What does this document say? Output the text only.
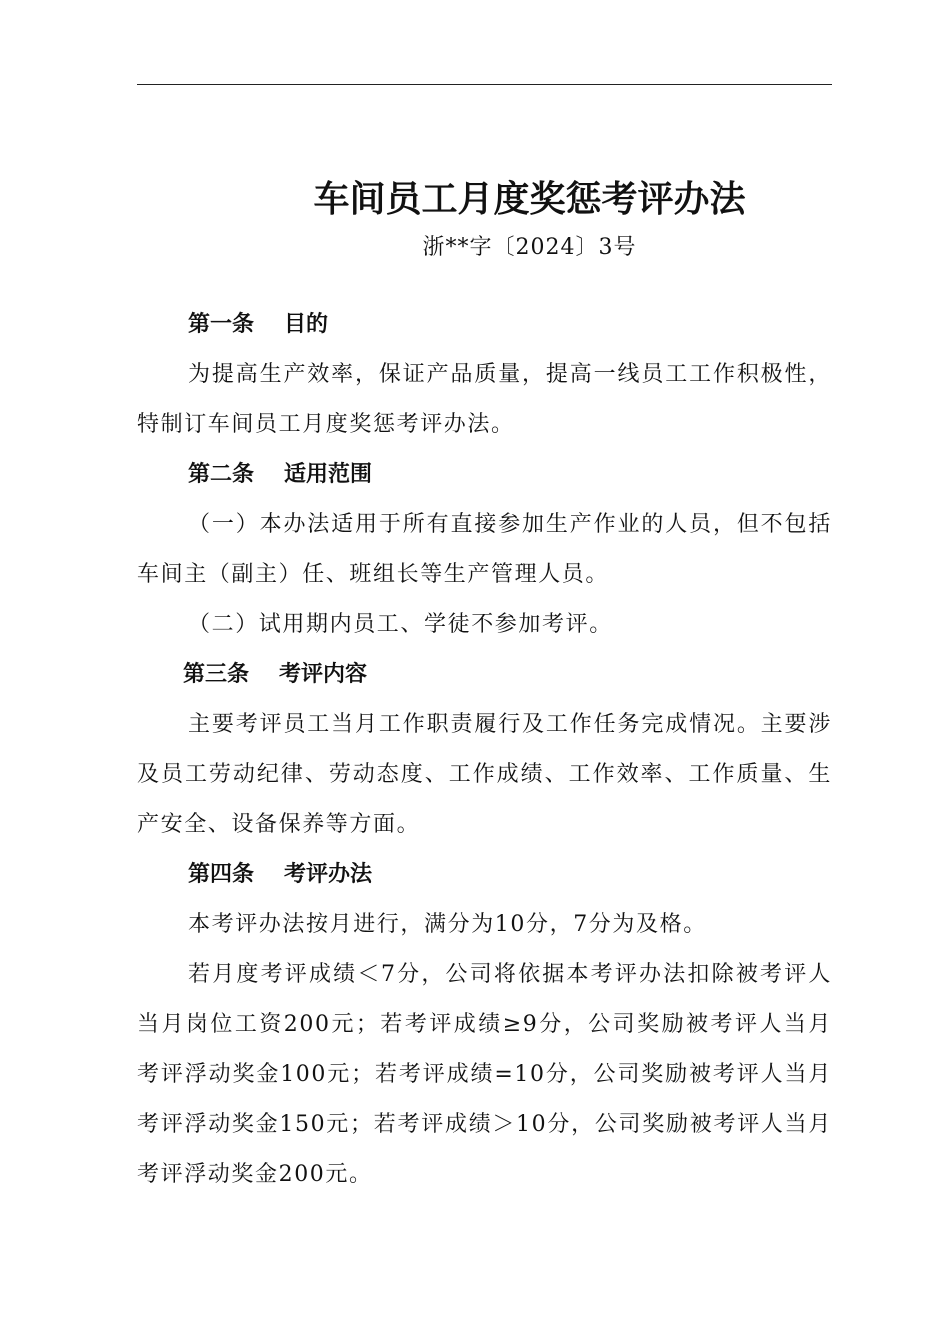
车间员工月度奖惩考评办法
浙**字〔2024〕3号
第一条 目的

为提高生产效率，保证产品质量，提高一线员工工作积极性，特制订车间员工月度奖惩考评办法。

第二条 适用范围

（一）本办法适用于所有直接参加生产作业的人员，但不包括车间主（副主）任、班组长等生产管理人员。

（二）试用期内员工、学徒不参加考评。

第三条 考评内容

主要考评员工当月工作职责履行及工作任务完成情况。主要涉及员工劳动纪律、劳动态度、工作成绩、工作效率、工作质量、生产安全、设备保养等方面。

第四条 考评办法

本考评办法按月进行，满分为10分，7分为及格。

若月度考评成绩＜7分，公司将依据本考评办法扣除被考评人当月岗位工资200元；若考评成绩≥9分，公司奖励被考评人当月考评浮动奖金100元；若考评成绩=10分，公司奖励被考评人当月考评浮动奖金150元；若考评成绩＞10分，公司奖励被考评人当月考评浮动奖金200元。
